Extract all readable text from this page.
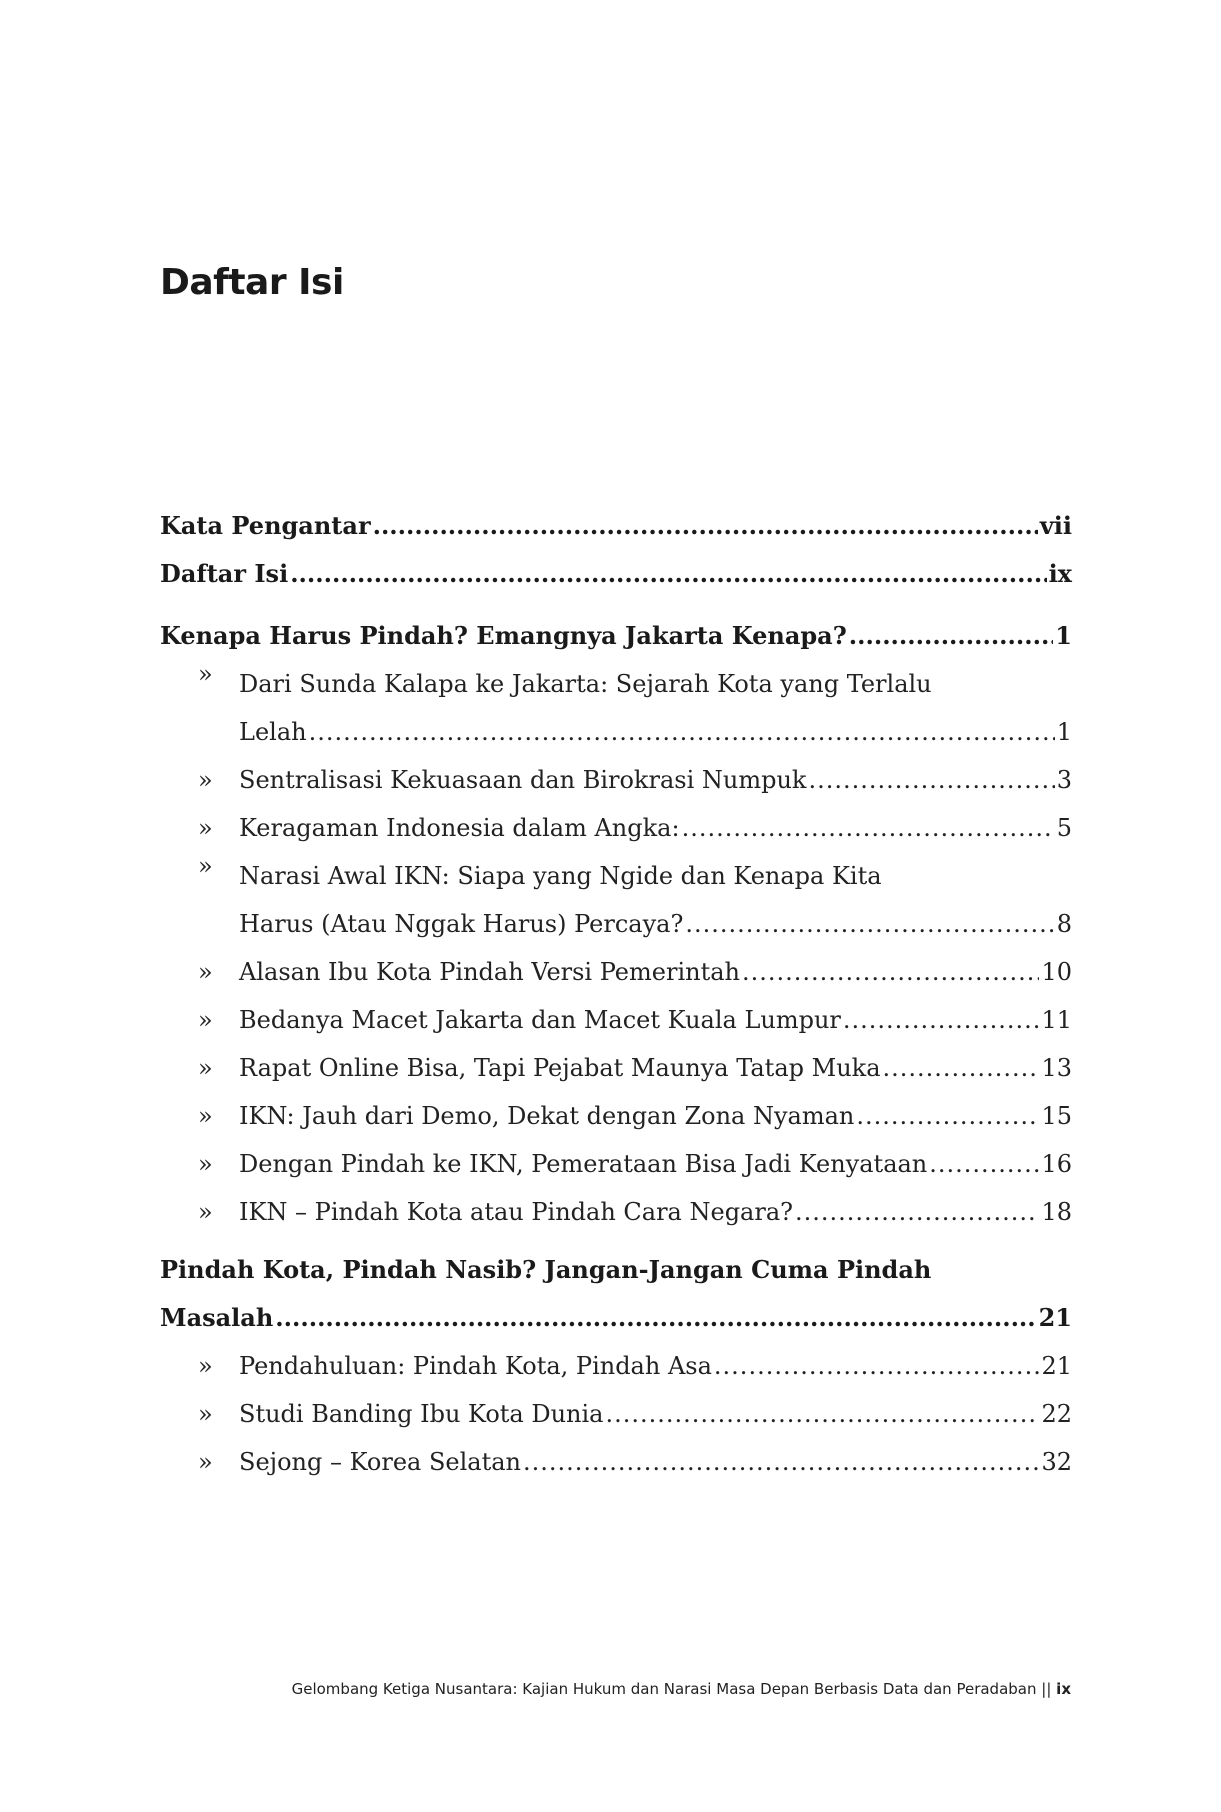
Daftar Isi
Kata Pengantar .....	vii
Daftar Isi .....	ix
Kenapa Harus Pindah? Emangnya Jakarta Kenapa? .....	1
» Dari Sunda Kalapa ke Jakarta: Sejarah Kota yang Terlalu
Lelah .....	1
» Sentralisasi Kekuasaan dan Birokrasi Numpuk .....	3
» Keragaman Indonesia dalam Angka: .....	5
» Narasi Awal IKN: Siapa yang Ngide dan Kenapa Kita
Harus (Atau Nggak Harus) Percaya? .....	8
» Alasan Ibu Kota Pindah Versi Pemerintah .....	10
» Bedanya Macet Jakarta dan Macet Kuala Lumpur .....	11
» Rapat Online Bisa, Tapi Pejabat Maunya Tatap Muka .....	13
» IKN: Jauh dari Demo, Dekat dengan Zona Nyaman .....	15
» Dengan Pindah ke IKN, Pemerataan Bisa Jadi Kenyataan .....	16
» IKN – Pindah Kota atau Pindah Cara Negara? .....	18
Pindah Kota, Pindah Nasib? Jangan-Jangan Cuma Pindah
Masalah .....	21
» Pendahuluan: Pindah Kota, Pindah Asa .....	21
» Studi Banding Ibu Kota Dunia .....	22
» Sejong – Korea Selatan .....	32
Gelombang Ketiga Nusantara: Kajian Hukum dan Narasi Masa Depan Berbasis Data dan Peradaban || ix
